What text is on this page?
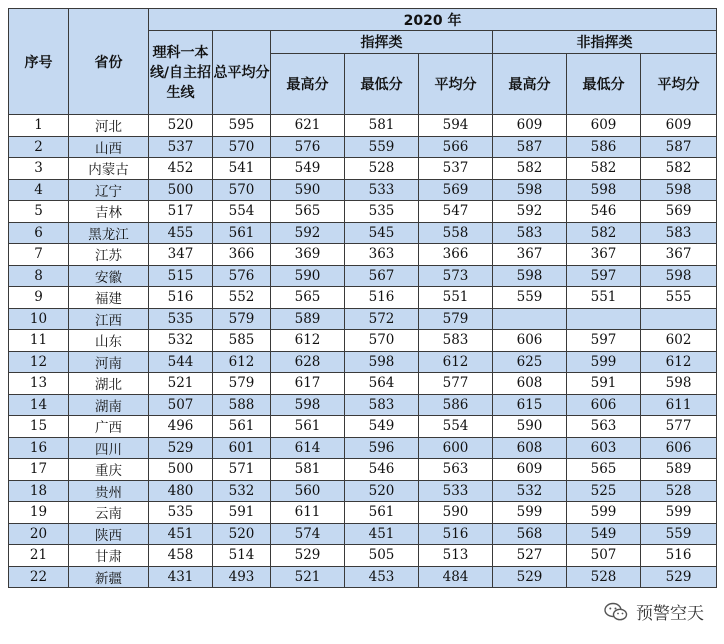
序号	省份	2020 年							
		理科一本线/自主招生线	总平均分	指挥类			非指挥类		
				最高分	最低分	平均分	最高分	最低分	平均分
1	河北	520	595	621	581	594	609	609	609
2	山西	537	570	576	559	566	587	586	587
3	内蒙古	452	541	549	528	537	582	582	582
4	辽宁	500	570	590	533	569	598	598	598
5	吉林	517	554	565	535	547	592	546	569
6	黑龙江	455	561	592	545	558	583	582	583
7	江苏	347	366	369	363	366	367	367	367
8	安徽	515	576	590	567	573	598	597	598
9	福建	516	552	565	516	551	559	551	555
10	江西	535	579	589	572	579			
11	山东	532	585	612	570	583	606	597	602
12	河南	544	612	628	598	612	625	599	612
13	湖北	521	579	617	564	577	608	591	598
14	湖南	507	588	598	583	586	615	606	611
15	广西	496	561	561	549	554	590	563	577
16	四川	529	601	614	596	600	608	603	606
17	重庆	500	571	581	546	563	609	565	589
18	贵州	480	532	560	520	533	532	525	528
19	云南	535	591	611	561	590	599	599	599
20	陕西	451	520	574	451	516	568	549	559
21	甘肃	458	514	529	505	513	527	507	516
22	新疆	431	493	521	453	484	529	528	529
预警空天
